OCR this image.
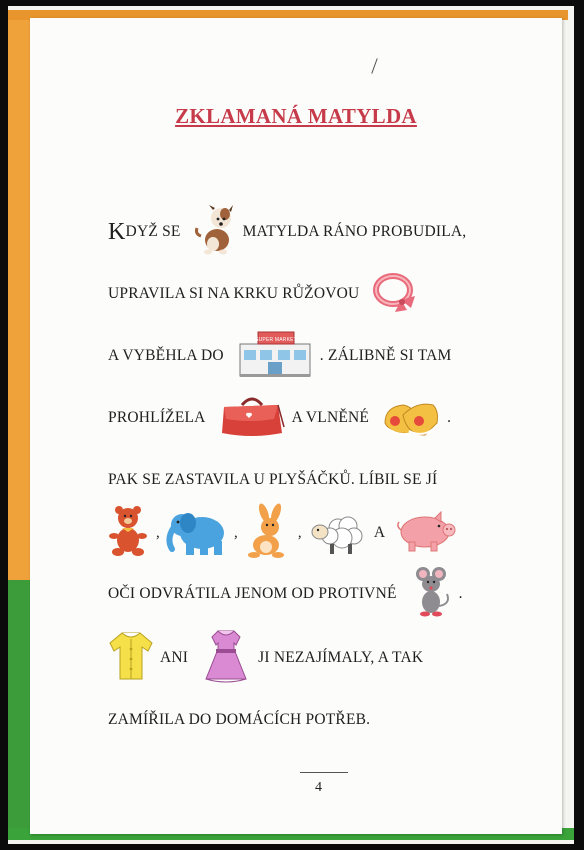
ZKLAMANÁ MATYLDA
K DYŽ SE	MATYLDA RÁNO PROBUDILA,
UPRAVILA SI NA KRKU RŮŽOVOU
A VYBĚHLA DO
SUPER MARKET
. ZÁLIBNĚ SI TAM
PROHLÍŽELA	A VLNĚNÉ	.
PAK SE ZASTAVILA U PLYŠÁČKŮ. LÍBIL SE JÍ
,	,	,	A
OČI ODVRÁTILA JENOM OD PROTIVNÉ	.
ANI	JI NEZAJÍMALY, A TAK
ZAMÍŘILA DO DOMÁCÍCH POTŘEB.
4
